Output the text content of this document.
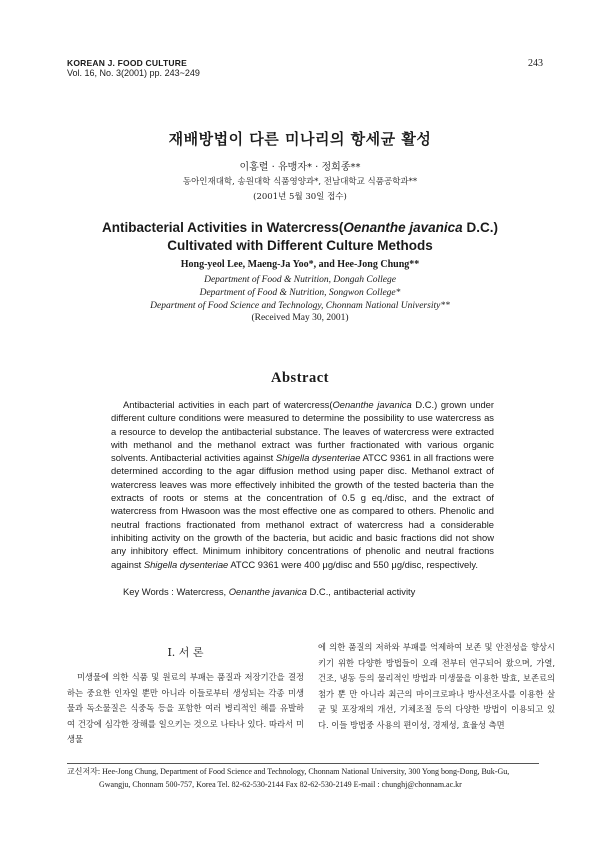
KOREAN J. FOOD CULTURE
Vol. 16, No. 3(2001) pp. 243~249
243
재배방법이 다른 미나리의 항세균 활성
이홍렬 · 유맹자* · 정희종**
동아인재대학, 송원대학 식품영양과*, 전남대학교 식품공학과**
(2001년 5월 30일 접수)
Antibacterial Activities in Watercress(Oenanthe javanica D.C.)
Cultivated with Different Culture Methods
Hong-yeol Lee, Maeng-Ja Yoo*, and Hee-Jong Chung**
Department of Food & Nutrition, Dongah College
Department of Food & Nutrition, Songwon College*
Department of Food Science and Technology, Chonnam National University**
(Received May 30, 2001)
Abstract

Antibacterial activities in each part of watercress(Oenanthe javanica D.C.) grown under different culture conditions were measured to determine the possibility to use watercress as a resource to develop the antibacterial substance. The leaves of watercress were extracted with methanol and the methanol extract was further fractionated with various organic solvents. Antibacterial activities against Shigella dysenteriae ATCC 9361 in all fractions were determined according to the agar diffusion method using paper disc. Methanol extract of watercress leaves was more effectively inhibited the growth of the tested bacteria than the extracts of roots or stems at the concentration of 0.5 g eq./disc, and the extract of watercress from Hwasoon was the most effective one as compared to others. Phenolic and neutral fractions fractionated from methanol extract of watercress had a considerable inhibiting activity on the growth of the bacteria, but acidic and basic fractions did not show any inhibitory effect. Minimum inhibitory concentrations of phenolic and neutral fractions against Shigella dysenteriae ATCC 9361 were 400 μg/disc and 550 μg/disc, respectively.

Key Words : Watercress, Oenanthe javanica D.C., antibacterial activity
I. 서 론

미생물에 의한 식품 및 원료의 부패는 품질과 저장기간을 결정하는 중요한 인자일 뿐만 아니라 이들로부터 생성되는 각종 미생물과 독소물질은 식중독 등을 포함한 여러 병리적인 해를 유발하여 건강에 심각한 장해를 일으키는 것으로 나타나 있다. 따라서 미생물

에 의한 품질의 저하와 부패를 억제하여 보존 및 안전성을 향상시키기 위한 다양한 방법들이 오래 전부터 연구되어 왔으며, 가열, 건조, 냉동 등의 물리적인 방법과 미생물을 이용한 발효, 보존료의 첨가 뿐 만 아니라 최근의 마이크로파나 방사선조사를 이용한 살균 및 포장재의 개선, 기체조절 등의 다양한 방법이 이용되고 있다. 이들 방법중 사용의 편이성, 경제성, 효율성 측면

교신저자: Hee-Jong Chung, Department of Food Science and Technology, Chonnam National University, 300 Yong bong-Dong, Buk-Gu,
Gwangju, Chonnam 500-757, Korea Tel. 82-62-530-2144 Fax 82-62-530-2149 E-mail : chunghj@chonnam.ac.kr
